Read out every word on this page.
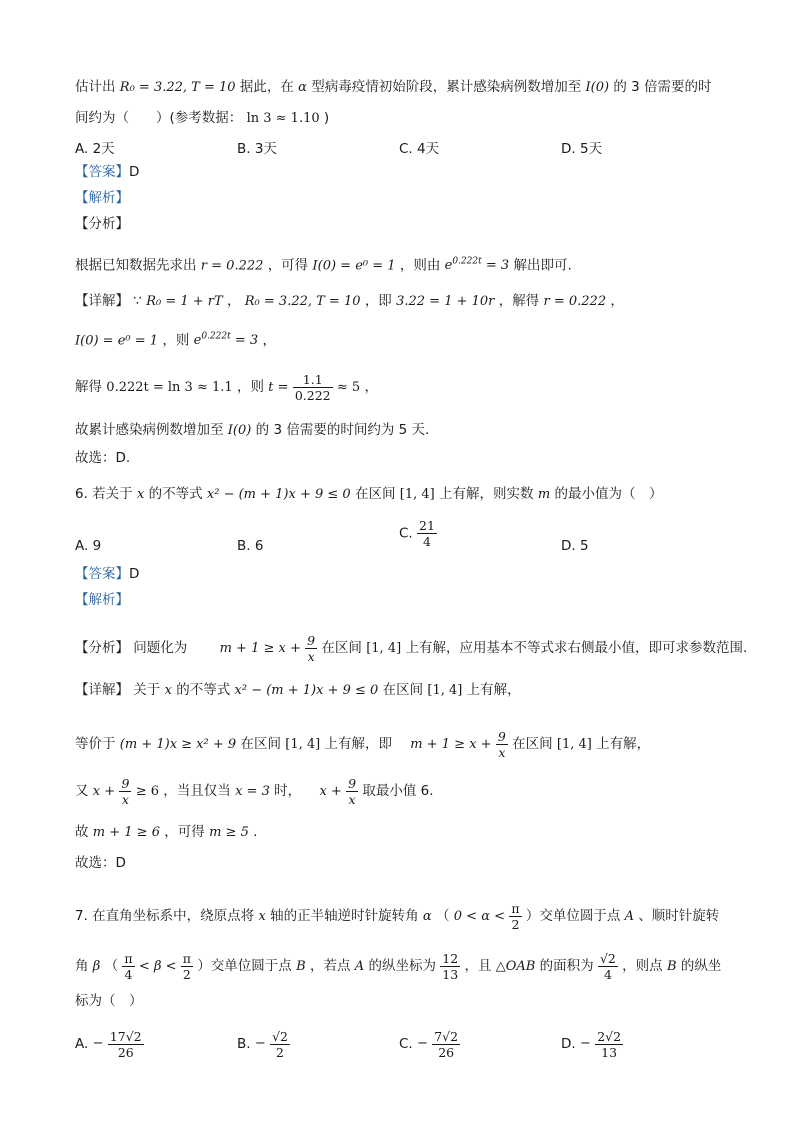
估计出 R₀ = 3.22, T = 10 据此，在 α 型病毒疫情初始阶段，累计感染病例数增加至 I(0) 的 3 倍需要的时
间约为（　　）(参考数据： ln 3 ≈ 1.10 )
A. 2天	B. 3天	C. 4天	D. 5天
【答案】D
【解析】
【分析】
根据已知数据先求出 r = 0.222 ，可得 I(0) = e⁰ = 1 ，则由 $e^{0.222t} = 3$ 解出即可.
【详解】 ∵ R₀ = 1 + rT ， R₀ = 3.22, T = 10 ，即 3.22 = 1 + 10r ，解得 r = 0.222 ，
I(0) = e⁰ = 1 ，则 $e^{0.222t} = 3$ ，
解得 0.222t = ln 3 ≈ 1.1 ，则 $t = \frac{1.1}{0.222} \approx 5$ ，
故累计感染病例数增加至 I(0) 的 3 倍需要的时间约为 5 天.
故选：D.
6. 若关于 x 的不等式 x² − (m + 1)x + 9 ≤ 0 在区间 [1, 4] 上有解，则实数 m 的最小值为（　）
A. 9	B. 6
C. $\frac{21}{4}$	D. 5
【答案】D
【解析】
【分析】 问题化为 $m + 1 \ge x + \frac{9}{x}$ 在区间 [1, 4] 上有解，应用基本不等式求右侧最小值，即可求参数范围.
【详解】 关于 x 的不等式 x² − (m + 1)x + 9 ≤ 0 在区间 [1, 4] 上有解，
等价于 (m + 1)x ≥ x² + 9 在区间 [1, 4] 上有解，即 $m + 1 \ge x + \frac{9}{x}$ 在区间 [1, 4] 上有解，
又 $x + \frac{9}{x} \ge 6$ ，当且仅当 x = 3 时， $x + \frac{9}{x}$ 取最小值 6.
故 m + 1 ≥ 6 ，可得 m ≥ 5 .
故选：D
7. 在直角坐标系中，绕原点将 x 轴的正半轴逆时针旋转角 α （ $0 < \alpha < \frac{\pi}{2}$ ）交单位圆于点 A 、顺时针旋转
角 β （ $\frac{\pi}{4} < \beta < \frac{\pi}{2}$ ）交单位圆于点 B ，若点 A 的纵坐标为 $\frac{12}{13}$ ，且 △OAB 的面积为 $\frac{√2}{4}$ ，则点 B 的纵坐
标为（　）
A. − $\frac{17√2}{26}$	B. − $\frac{√2}{2}$	C. − $\frac{7√2}{26}$	D. − $\frac{2√2}{13}$
